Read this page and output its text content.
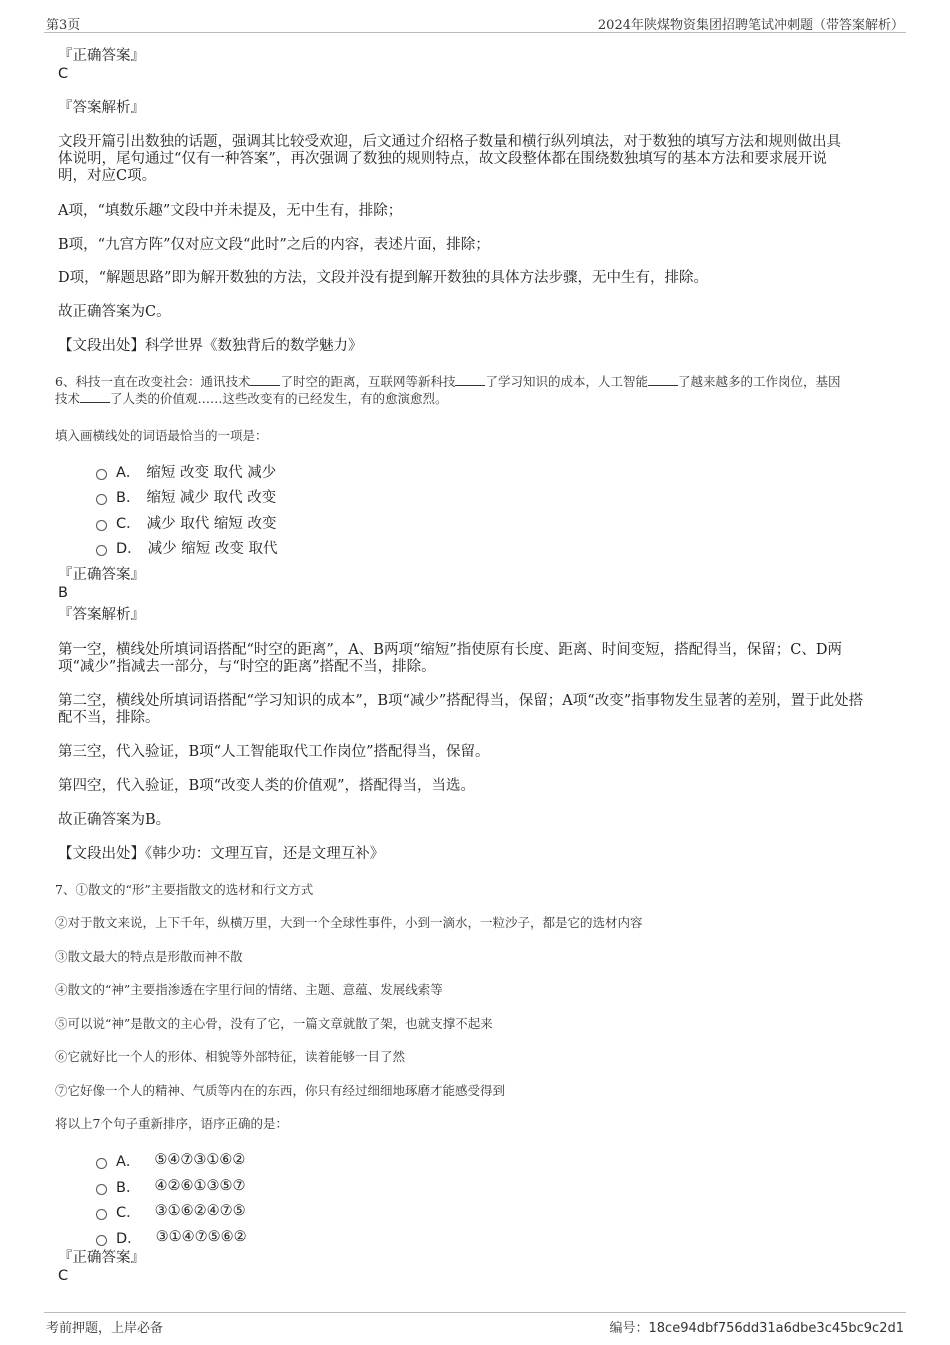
第3页	2024年陕煤物资集团招聘笔试冲刺题（带答案解析）
『正确答案』
C
『答案解析』
文段开篇引出数独的话题，强调其比较受欢迎，后文通过介绍格子数量和横行纵列填法，对于数独的填写方法和规则做出具
体说明，尾句通过“仅有一种答案”，再次强调了数独的规则特点，故文段整体都在围绕数独填写的基本方法和要求展开说
明，对应C项。
A项，“填数乐趣”文段中并未提及，无中生有，排除；
B项，“九宫方阵”仅对应文段“此时”之后的内容，表述片面，排除；
D项，“解题思路”即为解开数独的方法，文段并没有提到解开数独的具体方法步骤，无中生有，排除。
故正确答案为C。
【文段出处】科学世界《数独背后的数学魅力》
6、科技一直在改变社会：通讯技术 了时空的距离，互联网等新科技 了学习知识的成本，人工智能 了越来越多的工作岗位，基因
技术 了人类的价值观……这些改变有的已经发生，有的愈演愈烈。
填入画横线处的词语最恰当的一项是：
A． 缩短 改变 取代 减少
B． 缩短 减少 取代 改变
C． 减少 取代 缩短 改变
D． 减少 缩短 改变 取代
『正确答案』
B
『答案解析』
第一空，横线处所填词语搭配“时空的距离”，A、B两项“缩短”指使原有长度、距离、时间变短，搭配得当，保留；C、D两
项“减少”指减去一部分，与“时空的距离”搭配不当，排除。
第二空，横线处所填词语搭配“学习知识的成本”，B项“减少”搭配得当，保留；A项“改变”指事物发生显著的差别，置于此处搭
配不当，排除。
第三空，代入验证，B项“人工智能取代工作岗位”搭配得当，保留。
第四空，代入验证，B项“改变人类的价值观”，搭配得当，当选。
故正确答案为B。
【文段出处】《韩少功：文理互盲，还是文理互补》
7、①散文的“形”主要指散文的选材和行文方式
②对于散文来说，上下千年，纵横万里，大到一个全球性事件，小到一滴水，一粒沙子，都是它的选材内容
③散文最大的特点是形散而神不散
④散文的“神”主要指渗透在字里行间的情绪、主题、意蕴、发展线索等
⑤可以说“神”是散文的主心骨，没有了它，一篇文章就散了架，也就支撑不起来
⑥它就好比一个人的形体、相貌等外部特征，读着能够一目了然
⑦它好像一个人的精神、气质等内在的东西，你只有经过细细地琢磨才能感受得到
将以上7个句子重新排序，语序正确的是：
A． ⑤④⑦③①⑥②
B． ④②⑥①③⑤⑦
C． ③①⑥②④⑦⑤
D． ③①④⑦⑤⑥②
『正确答案』
C
考前押题，上岸必备	编号：18ce94dbf756dd31a6dbe3c45bc9c2d1
